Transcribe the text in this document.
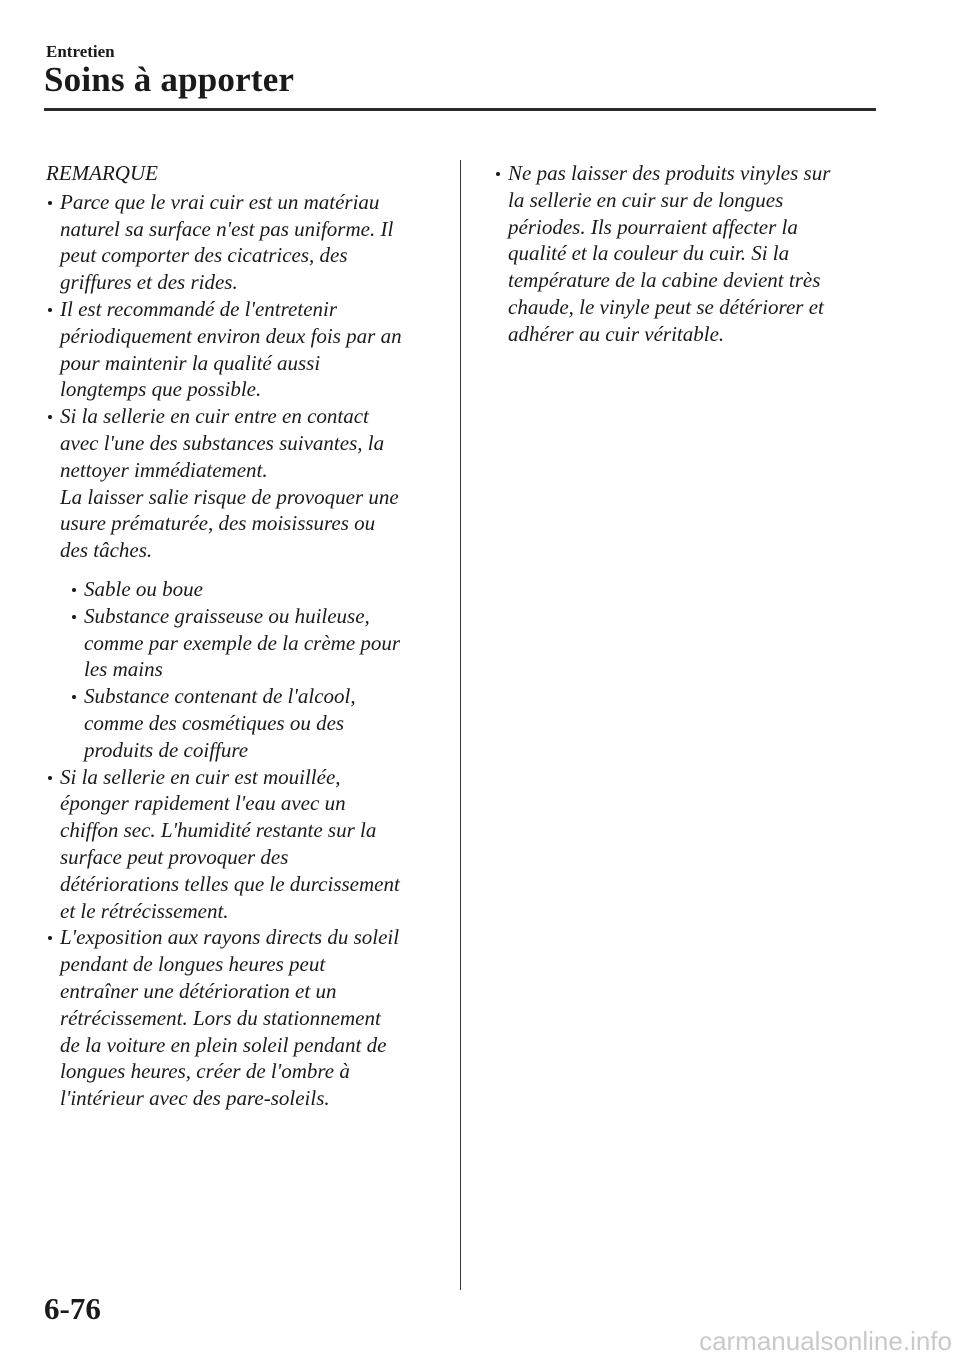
Entretien
Soins à apporter
REMARQUE
Parce que le vrai cuir est un matériau
naturel sa surface n'est pas uniforme. Il
peut comporter des cicatrices, des
griffures et des rides.
Il est recommandé de l'entretenir
périodiquement environ deux fois par an
pour maintenir la qualité aussi
longtemps que possible.
Si la sellerie en cuir entre en contact
avec l'une des substances suivantes, la
nettoyer immédiatement.
La laisser salie risque de provoquer une
usure prématurée, des moisissures ou
des tâches.
Sable ou boue
Substance graisseuse ou huileuse,
comme par exemple de la crème pour
les mains
Substance contenant de l'alcool,
comme des cosmétiques ou des
produits de coiffure
Si la sellerie en cuir est mouillée,
éponger rapidement l'eau avec un
chiffon sec. L'humidité restante sur la
surface peut provoquer des
détériorations telles que le durcissement
et le rétrécissement.
L'exposition aux rayons directs du soleil
pendant de longues heures peut
entraîner une détérioration et un
rétrécissement. Lors du stationnement
de la voiture en plein soleil pendant de
longues heures, créer de l'ombre à
l'intérieur avec des pare-soleils.
Ne pas laisser des produits vinyles sur
la sellerie en cuir sur de longues
périodes. Ils pourraient affecter la
qualité et la couleur du cuir. Si la
température de la cabine devient très
chaude, le vinyle peut se détériorer et
adhérer au cuir véritable.
6-76
carmanualsonline.info
